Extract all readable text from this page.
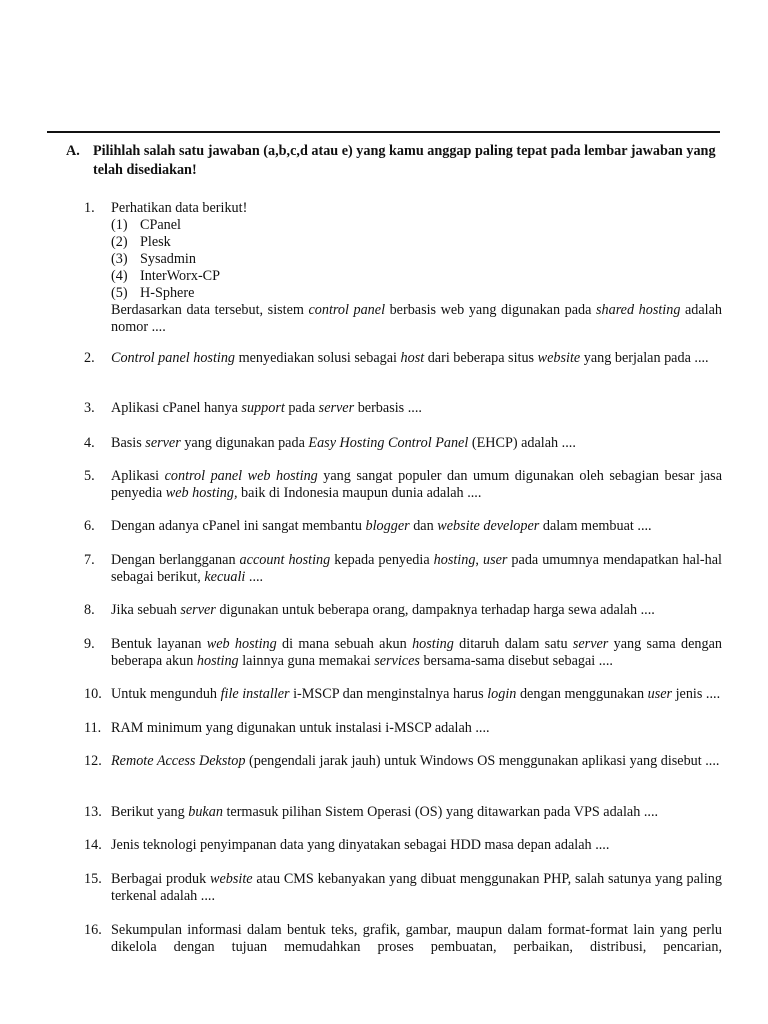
A. Pilihlah salah satu jawaban (a,b,c,d atau e) yang kamu anggap paling tepat pada lembar jawaban yang telah disediakan!
1. Perhatikan data berikut!
(1) CPanel
(2) Plesk
(3) Sysadmin
(4) InterWorx-CP
(5) H-Sphere
Berdasarkan data tersebut, sistem control panel berbasis web yang digunakan pada shared hosting adalah nomor ....
2. Control panel hosting menyediakan solusi sebagai host dari beberapa situs website yang berjalan pada ....
3. Aplikasi cPanel hanya support pada server berbasis ....
4. Basis server yang digunakan pada Easy Hosting Control Panel (EHCP) adalah ....
5. Aplikasi control panel web hosting yang sangat populer dan umum digunakan oleh sebagian besar jasa penyedia web hosting, baik di Indonesia maupun dunia adalah ....
6. Dengan adanya cPanel ini sangat membantu blogger dan website developer dalam membuat ....
7. Dengan berlangganan account hosting kepada penyedia hosting, user pada umumnya mendapatkan hal-hal sebagai berikut, kecuali ....
8. Jika sebuah server digunakan untuk beberapa orang, dampaknya terhadap harga sewa adalah ....
9. Bentuk layanan web hosting di mana sebuah akun hosting ditaruh dalam satu server yang sama dengan beberapa akun hosting lainnya guna memakai services bersama-sama disebut sebagai ....
10. Untuk mengunduh file installer i-MSCP dan menginstalnya harus login dengan menggunakan user jenis ....
11. RAM minimum yang digunakan untuk instalasi i-MSCP adalah ....
12. Remote Access Dekstop (pengendali jarak jauh) untuk Windows OS menggunakan aplikasi yang disebut ....
13. Berikut yang bukan termasuk pilihan Sistem Operasi (OS) yang ditawarkan pada VPS adalah ....
14. Jenis teknologi penyimpanan data yang dinyatakan sebagai HDD masa depan adalah ....
15. Berbagai produk website atau CMS kebanyakan yang dibuat menggunakan PHP, salah satunya yang paling terkenal adalah ....
16. Sekumpulan informasi dalam bentuk teks, grafik, gambar, maupun dalam format-format lain yang perlu dikelola dengan tujuan memudahkan proses pembuatan, perbaikan, distribusi, pencarian,
